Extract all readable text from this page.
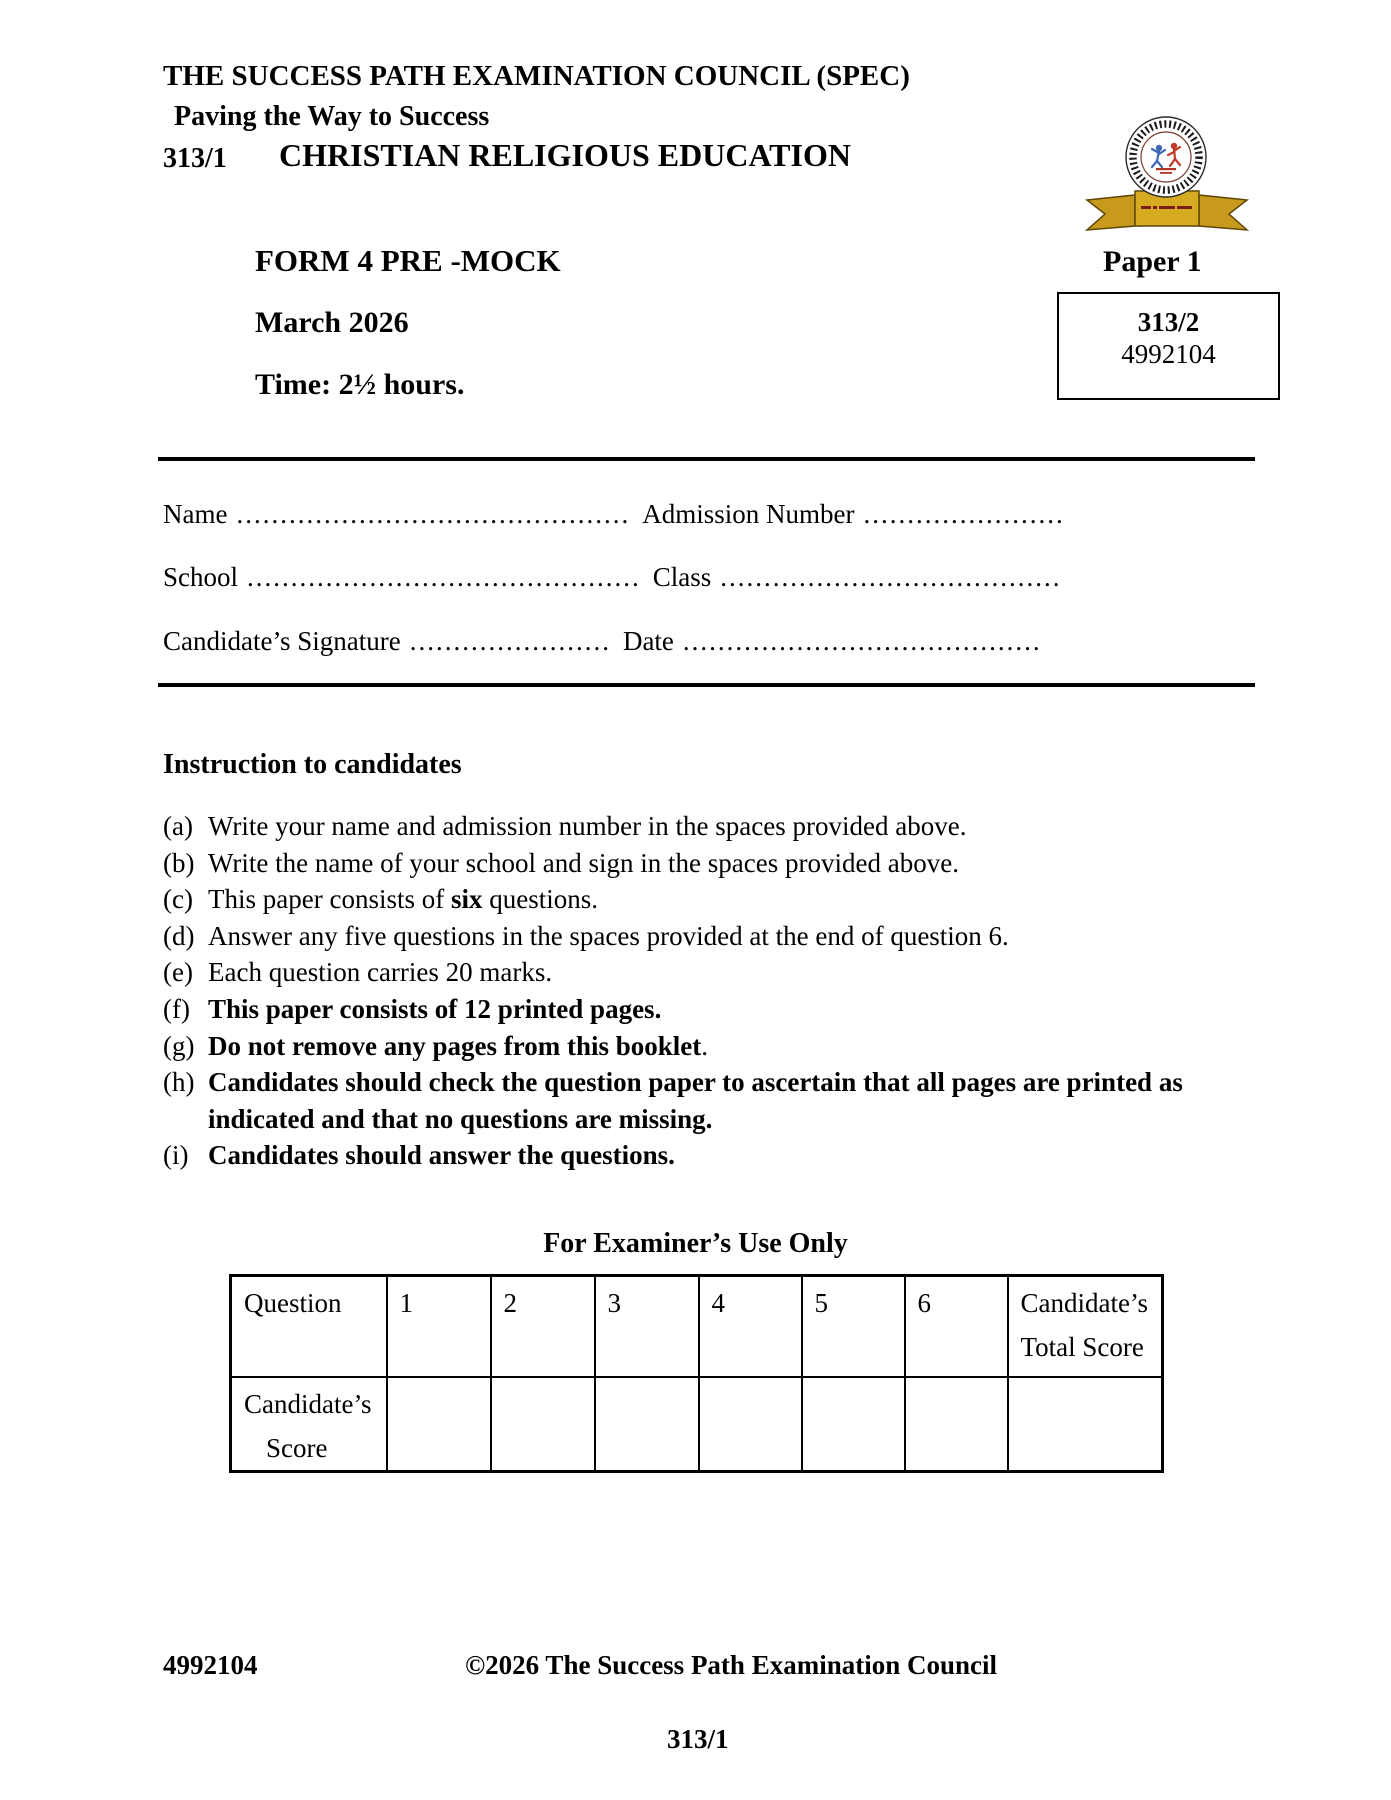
THE SUCCESS PATH EXAMINATION COUNCIL (SPEC)
Paving the Way to Success
313/1 CHRISTIAN RELIGIOUS EDUCATION
FORM 4 PRE -MOCK	Paper 1
March 2026
Time: 2½ hours.
313/2
4992104
Name ............................................. Admission Number .......................
School ............................................. Class .......................................
Candidate’s Signature ....................... Date .........................................
Instruction to candidates
(a) Write your name and admission number in the spaces provided above.
(b) Write the name of your school and sign in the spaces provided above.
(c) This paper consists of six questions.
(d) Answer any five questions in the spaces provided at the end of question 6.
(e) Each question carries 20 marks.
(f) This paper consists of 12 printed pages.
(g) Do not remove any pages from this booklet.
(h) Candidates should check the question paper to ascertain that all pages are printed as indicated and that no questions are missing.
(i) Candidates should answer the questions.
For Examiner’s Use Only
Question	1	2	3	4	5	6	Candidate’s
Total Score

Candidate’s
Score							

4992104	©2026 The Success Path Examination Council
313/1
